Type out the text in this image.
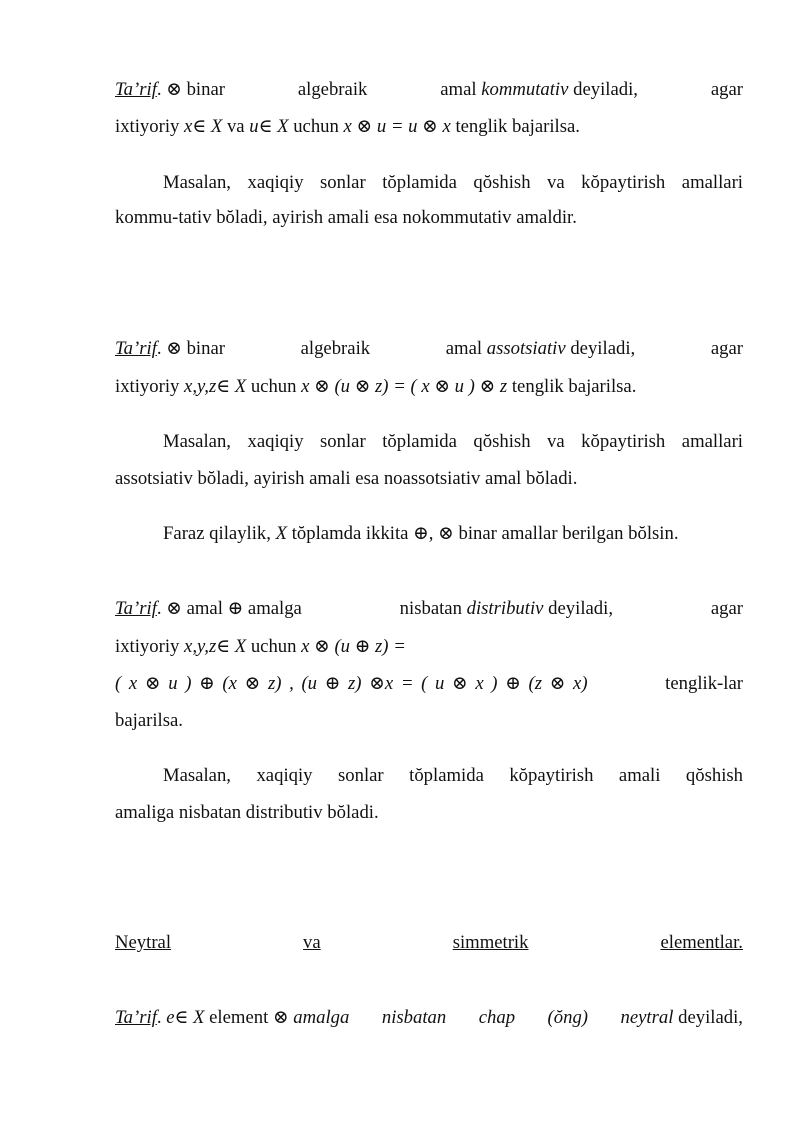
Ta’rif. ⊗ binar	algebraik	amal kommutativ deyiladi,	agar
ixtiyoriy x∈ X va u∈ X uchun x ⊗ u = u ⊗ x tenglik bajarilsa.
Masalan, xaqiqiy sonlar tŏplamida qŏshish va kŏpaytirish amallari
kommu-tativ bŏladi, ayirish amali esa nokommutativ amaldir.
Ta’rif. ⊗ binar	algebraik	amal assotsiativ deyiladi,	agar
ixtiyoriy x,y,z∈ X uchun x ⊗ (u ⊗ z) = ( x ⊗ u ) ⊗ z tenglik bajarilsa.
Masalan, xaqiqiy sonlar tŏplamida qŏshish va kŏpaytirish amallari
assotsiativ bŏladi, ayirish amali esa noassotsiativ amal bŏladi.
Faraz qilaylik, X tŏplamda ikkita ⊕, ⊗ binar amallar berilgan bŏlsin.
Ta’rif. ⊗ amal ⊕ amalga	nisbatan distributiv deyiladi,	agar
ixtiyoriy x,y,z∈ X uchun x ⊗ (u ⊕ z) =
( x ⊗ u ) ⊕ (x ⊗ z) , (u ⊕ z) ⊗x = ( u ⊗ x ) ⊕ (z ⊗ x)	tenglik-lar
bajarilsa.
Masalan, xaqiqiy sonlar tŏplamida kŏpaytirish amali qŏshish
amaliga nisbatan distributiv bŏladi.
Neytral	va	simmetrik	elementlar.
Ta’rif. e∈ X element ⊗ amalga nisbatan chap (ŏng) neytral deyiladi,
